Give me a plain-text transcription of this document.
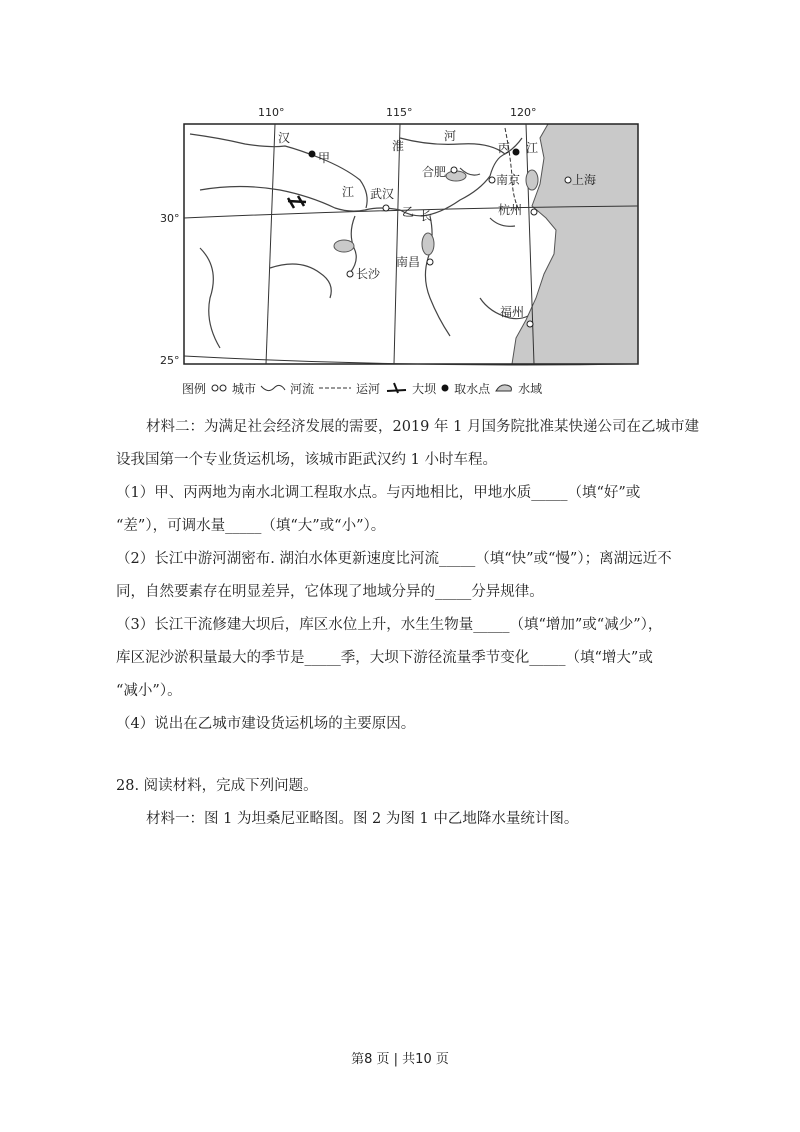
110°	115°	120°
30°
25°
汉
甲
淮
河
丙 江
合肥
南京	上海
江 武汉
乙 长	杭州
南昌
长沙
福州
图例 城市	河流	运河	大坝 取水点 水域
材料二：为满足社会经济发展的需要，2019 年 1 月国务院批准某快递公司在乙城市建
设我国第一个专业货运机场，该城市距武汉约 1 小时车程。
（1）甲、丙两地为南水北调工程取水点。与丙地相比，甲地水质_____（填“好”或
“差”），可调水量_____（填“大”或“小”）。
（2）长江中游河湖密布. 湖泊水体更新速度比河流_____（填“快”或“慢”）；离湖远近不
同，自然要素存在明显差异，它体现了地域分异的_____分异规律。
（3）长江干流修建大坝后，库区水位上升，水生生物量_____（填“增加”或“减少”），
库区泥沙淤积量最大的季节是_____季，大坝下游径流量季节变化_____（填“增大”或
“减小”）。
（4）说出在乙城市建设货运机场的主要原因。
28. 阅读材料，完成下列问题。
材料一：图 1 为坦桑尼亚略图。图 2 为图 1 中乙地降水量统计图。
第8 页 | 共10 页
